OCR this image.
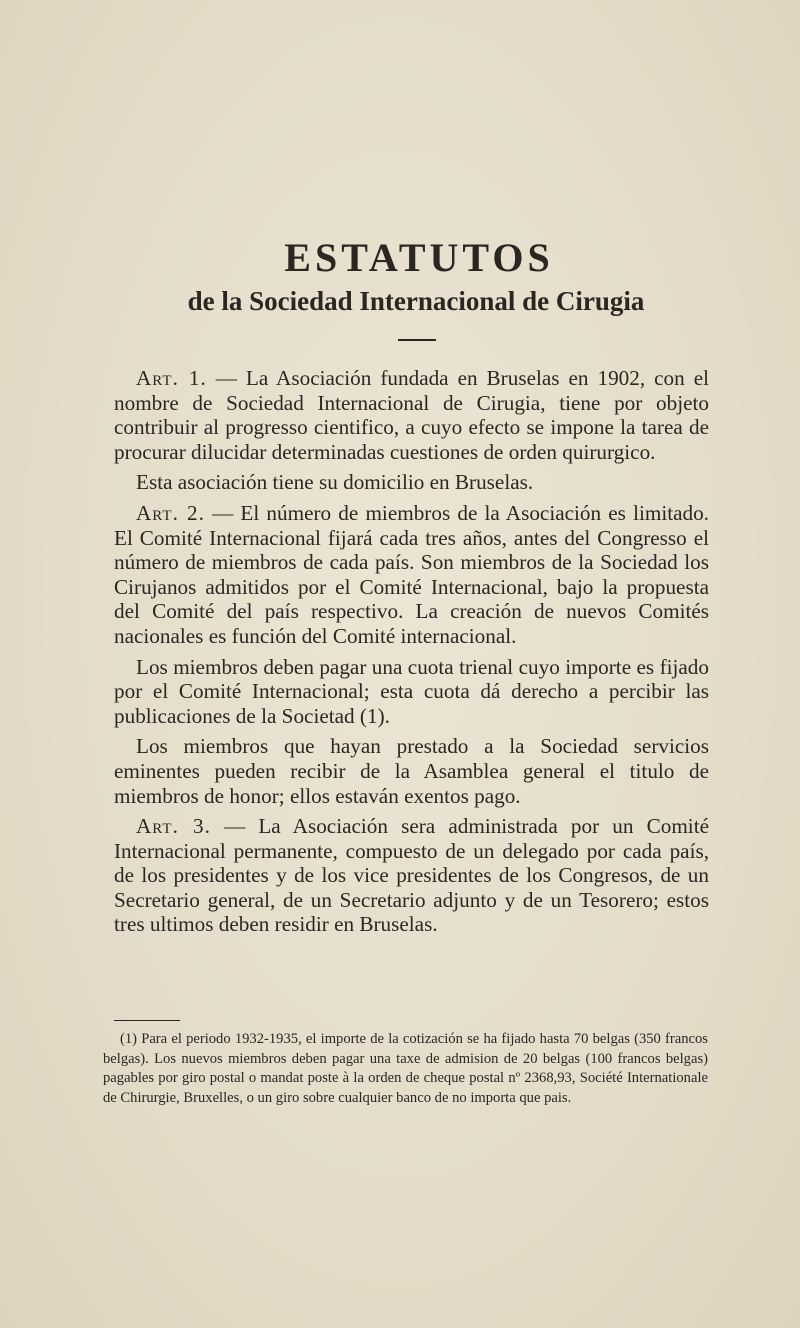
ESTATUTOS
de la Sociedad Internacional de Cirugia

Art. 1. — La Asociación fundada en Bruselas en 1902, con el nombre de Sociedad Internacional de Cirugia, tiene por objeto contribuir al progresso cientifico, a cuyo efecto se impone la tarea de procurar dilucidar determinadas cuestiones de orden quirurgico.

Esta asociación tiene su domicilio en Bruselas.

Art. 2. — El número de miembros de la Asociación es limitado. El Comité Internacional fijará cada tres años, antes del Congresso el número de miembros de cada país. Son miembros de la Sociedad los Cirujanos admitidos por el Comité Internacional, bajo la propuesta del Comité del país respectivo. La creación de nuevos Comités nacionales es función del Comité internacional.

Los miembros deben pagar una cuota trienal cuyo importe es fijado por el Comité Internacional; esta cuota dá derecho a percibir las publicaciones de la Societad (1).

Los miembros que hayan prestado a la Sociedad servicios eminentes pueden recibir de la Asamblea general el titulo de miembros de honor; ellos estaván exentos pago.

Art. 3. — La Asociación sera administrada por un Comité Internacional permanente, compuesto de un delegado por cada país, de los presidentes y de los vice presidentes de los Congresos, de un Secretario general, de un Secretario adjunto y de un Tesorero; estos tres ultimos deben residir en Bruselas.

(1) Para el periodo 1932-1935, el importe de la cotización se ha fijado hasta 70 belgas (350 francos belgas). Los nuevos miembros deben pagar una taxe de admision de 20 belgas (100 francos belgas) pagables por giro postal o mandat poste à la orden de cheque postal nº 2368,93, Société Internationale de Chirurgie, Bruxelles, o un giro sobre cualquier banco de no importa que pais.
